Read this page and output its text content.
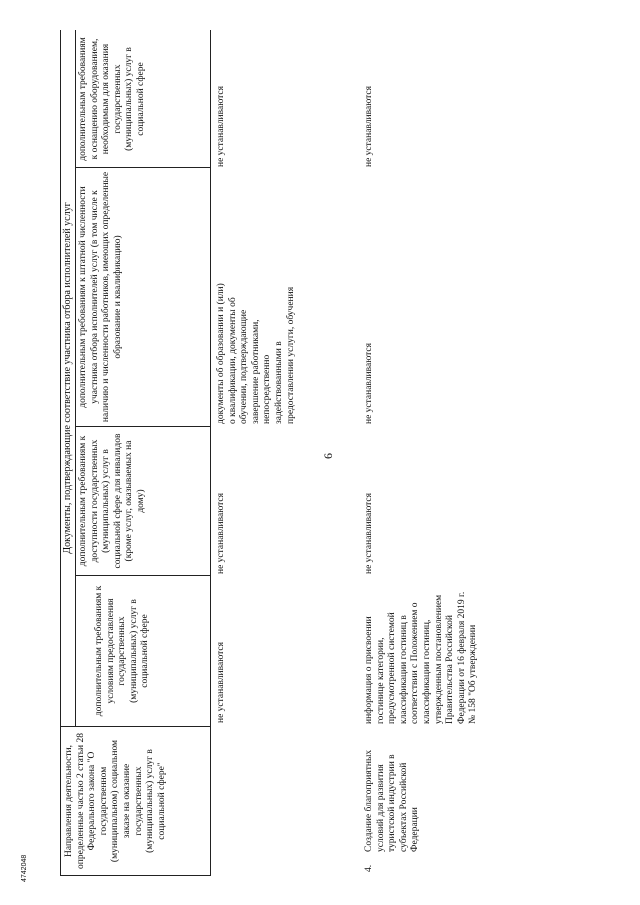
6
4742048
Направления деятельности, определенные частью 2 статьи 28 Федерального закона "О государственном (муниципальном) социальном заказе на оказание государственных (муниципальных) услуг в социальной сфере"
Документы, подтверждающие соответствие участника отбора исполнителей услуг
дополнительным требованиям к условиям предоставления государственных (муниципальных) услуг в социальной сфере
дополнительным требованиям к доступности государственных (муниципальных) услуг в социальной сфере для инвалидов (кроме услуг, оказываемых на дому)
дополнительным требованиям к штатной численности участника отбора исполнителей услуг (в том числе к наличию и численности работников, имеющих определенные образование и квалификацию)
дополнительным требованиям к оснащению оборудованием, необходимым для оказания государственных (муниципальных) услуг в социальной сфере
не устанавливаются
не устанавливаются
документы об образовании и (или) о квалификации, документы об обучении, подтверждающие завершение работниками, непосредственно задействованными в предоставлении услуги, обучения
не устанавливаются
4.
Создание благоприятных условий для развития туристской индустрии в субъектах Российской Федерации
информация о присвоении гостинице категории, предусмотренной системой классификации гостиниц в соответствии с Положением о классификации гостиниц, утвержденным постановлением Правительства Российской Федерации от 16 февраля 2019 г. № 158 "Об утверждении
не устанавливаются
не устанавливаются
не устанавливаются
